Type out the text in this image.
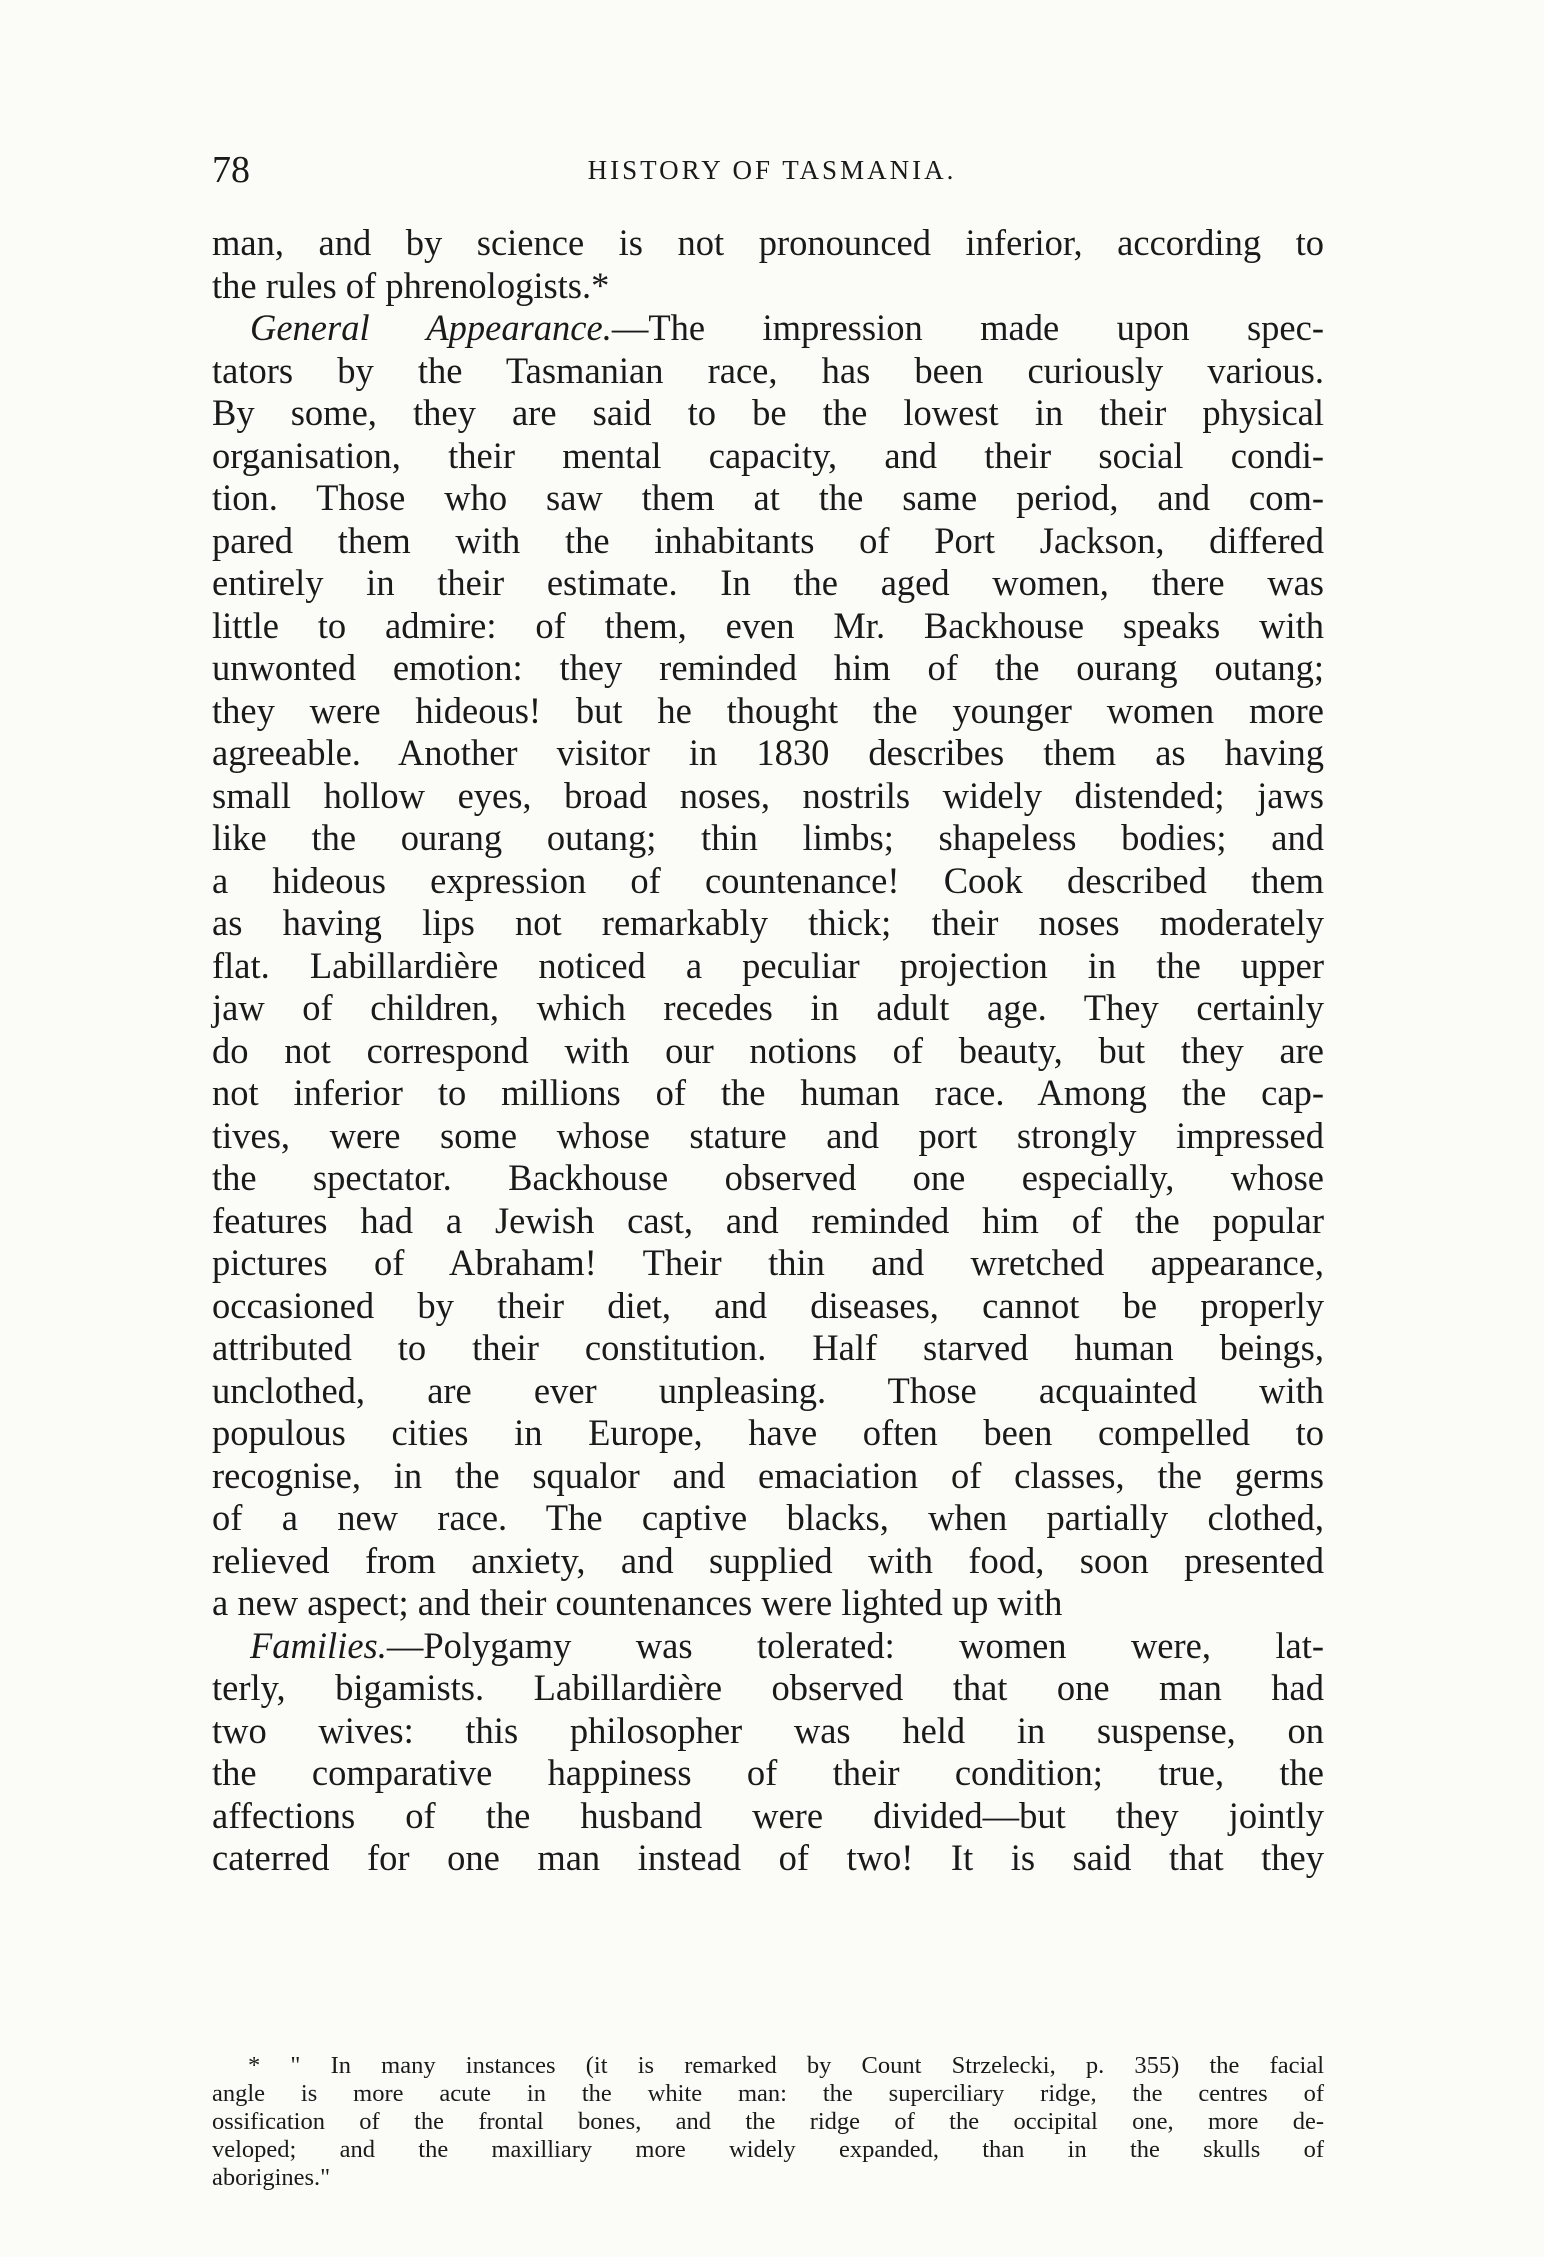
78	HISTORY OF TASMANIA.
man, and by science is not pronounced inferior, according to
the rules of phrenologists.*
General Appearance.—The impression made upon spec-
tators by the Tasmanian race, has been curiously various.
By some, they are said to be the lowest in their physical
organisation, their mental capacity, and their social condi-
tion. Those who saw them at the same period, and com-
pared them with the inhabitants of Port Jackson, differed
entirely in their estimate. In the aged women, there was
little to admire: of them, even Mr. Backhouse speaks with
unwonted emotion: they reminded him of the ourang outang;
they were hideous! but he thought the younger women more
agreeable. Another visitor in 1830 describes them as having
small hollow eyes, broad noses, nostrils widely distended; jaws
like the ourang outang; thin limbs; shapeless bodies; and
a hideous expression of countenance! Cook described them
as having lips not remarkably thick; their noses moderately
flat. Labillardière noticed a peculiar projection in the upper
jaw of children, which recedes in adult age. They certainly
do not correspond with our notions of beauty, but they are
not inferior to millions of the human race. Among the cap-
tives, were some whose stature and port strongly impressed
the spectator. Backhouse observed one especially, whose
features had a Jewish cast, and reminded him of the popular
pictures of Abraham! Their thin and wretched appearance,
occasioned by their diet, and diseases, cannot be properly
attributed to their constitution. Half starved human beings,
unclothed, are ever unpleasing. Those acquainted with
populous cities in Europe, have often been compelled to
recognise, in the squalor and emaciation of classes, the germs
of a new race. The captive blacks, when partially clothed,
relieved from anxiety, and supplied with food, soon presented
a new aspect; and their countenances were lighted up with
Families.—Polygamy was tolerated: women were, lat-
terly, bigamists. Labillardière observed that one man had
two wives: this philosopher was held in suspense, on
the comparative happiness of their condition; true, the
affections of the husband were divided—but they jointly
caterred for one man instead of two! It is said that they
* " In many instances (it is remarked by Count Strzelecki, p. 355) the facial
angle is more acute in the white man: the superciliary ridge, the centres of
ossification of the frontal bones, and the ridge of the occipital one, more de-
veloped; and the maxilliary more widely expanded, than in the skulls of
aborigines."
